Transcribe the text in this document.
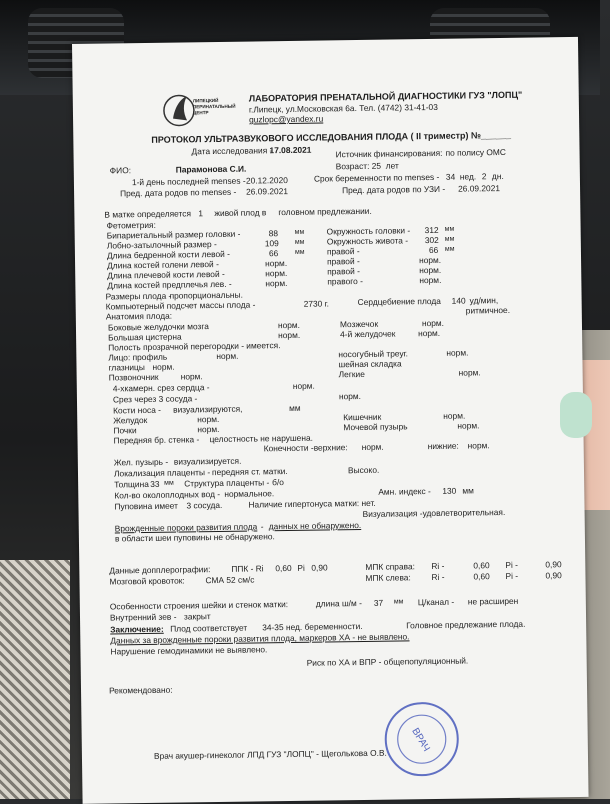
ЛИПЕЦКИЙ
ПЕРИНАТАЛЬНЫЙ
ЦЕНТР
ЛАБОРАТОРИЯ ПРЕНАТАЛЬНОЙ ДИАГНОСТИКИ ГУЗ "ЛОПЦ"
г.Липецк, ул.Московская 6а. Тел. (4742) 31-41-03
guzlopc@yandex.ru
ПРОТОКОЛ УЛЬТРАЗВУКОВОГО ИССЛЕДОВАНИЯ ПЛОДА ( II триместр) №______
Дата исследования -
17.08.2021	Источник финансирования: по полису ОМС
ФИО:	Парамонова С.И.	Возраст: 25 лет
1-й день последней menses - 20.12.2020	Срок беременности по menses - 34 нед. 2 дн.
Пред. дата родов по menses - 26.09.2021	Пред. дата родов по УЗИ - 26.09.2021
В матке определяется 1 живой плод в головном предлежании.
Фетометрия:
Бипариетальный размер головки -	88 мм	Окружность головки - 312 мм
Лобно-затылочный размер -	109 мм	Окружность живота - 302 мм
Длина бедренной кости левой -	66 мм	правой -	66 мм
Длина костей голени левой -	норм.	правой -	норм.
Длина плечевой кости левой -	норм.	правой -	норм.
Длина костей предплечья лев. -	норм.	правого -	норм.
Размеры плода -
пропорциональны.
Компьютерный подсчет массы плода -	2730 г.	Сердцебиение плода 140 уд/мин,
ритмичное.
Анатомия плода:
Боковые желудочки мозга	норм.	Мозжечок	норм.
Большая цистерна	норм.	4-й желудочек	норм.
Полость прозрачной перегородки - имеется.
Лицо: профиль	норм.	носогубный треуг.	норм.
глазницы норм.	шейная складка
Позвоночник	норм.	Легкие	норм.
4-хкамерн. срез сердца -	норм.
Срез через 3 сосуда -	норм.
Кости носа - визуализируются,	мм
Желудок	норм.	Кишечник	норм.
Почки	норм.	Мочевой пузырь	норм.
Передняя бр. стенка - целостность не нарушена.
Конечности - верхние: норм.	нижние: норм.
Жел. пузырь - визуализируется.
Локализация плаценты - передняя ст. матки.	Высоко.
Толщина 33 мм Структура плаценты - б/о
Кол-во околоплодных вод - нормальное.	Амн. индекс - 130 мм
Пуповина имеет 3 сосуда.	Наличие гипертонуса матки: нет.
Визуализация - удовлетворительная.
Врожденные пороки развития плода - данных не обнаружено.
в области шеи пуповины не обнаружено.
Данные допплерографии: ППК - Ri 0,60 Pi 0,90	МПК справа: Ri -	0,60 Pi -	0,90
Мозговой кровоток: СМА 52 см/с	МПК слева: Ri -	0,60 Pi -	0,90
Особенности строения шейки и стенок матки:	длина ш/м - 37 мм Ц/канал - не расширен
Внутренний зев - закрыт
Заключение: Плод соответствует 34-35 нед. беременности.	Головное предлежание плода.
Данных за врожденные пороки развития плода, маркеров ХА - не выявлено.
Нарушение гемодинамики не выявлено.
Риск по ХА и ВПР - общепопуляционный.
Рекомендовано:
Врач акушер-гинеколог ЛПД ГУЗ "ЛОПЦ" - Щеголькова О.В.
ВРАЧ
